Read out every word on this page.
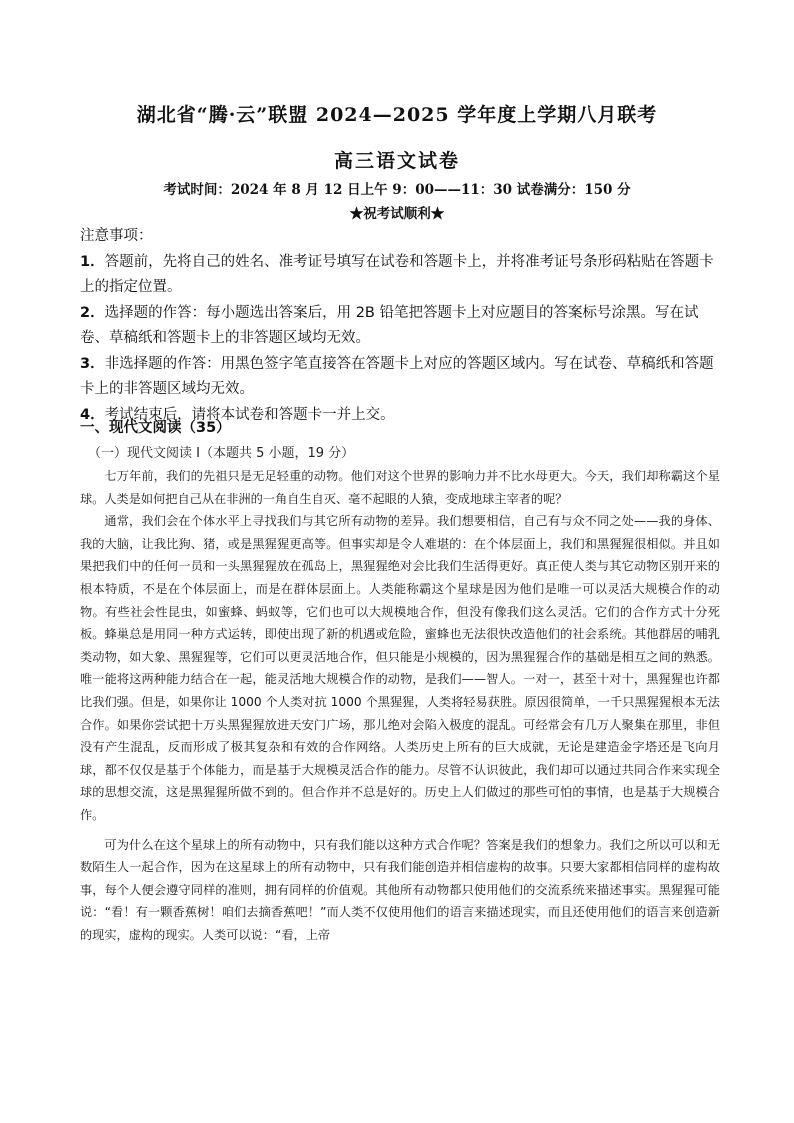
湖北省“腾·云”联盟 2024—2025 学年度上学期八月联考
高三语文试卷
考试时间：2024 年 8 月 12 日上午 9：00——11：30 试卷满分：150 分
★祝考试顺利★

注意事项：

1．答题前，先将自己的姓名、准考证号填写在试卷和答题卡上，并将准考证号条形码粘贴在答题卡上的指定位置。

2．选择题的作答：每小题选出答案后，用 2B 铅笔把答题卡上对应题目的答案标号涂黑。写在试卷、草稿纸和答题卡上的非答题区域均无效。

3．非选择题的作答：用黑色签字笔直接答在答题卡上对应的答题区域内。写在试卷、草稿纸和答题卡上的非答题区域均无效。

4．考试结束后，请将本试卷和答题卡一并上交。

一、现代文阅读（35）
（一）现代文阅读 I（本题共 5 小题，19 分）

七万年前，我们的先祖只是无足轻重的动物。他们对这个世界的影响力并不比水母更大。今天，我们却称霸这个星球。人类是如何把自己从在非洲的一角自生自灭、毫不起眼的人猿，变成地球主宰者的呢？

通常，我们会在个体水平上寻找我们与其它所有动物的差异。我们想要相信，自己有与众不同之处——我的身体、我的大脑，让我比狗、猪，或是黑猩猩更高等。但事实却是令人难堪的：在个体层面上，我们和黑猩猩很相似。并且如果把我们中的任何一员和一头黑猩猩放在孤岛上，黑猩猩绝对会比我们生活得更好。真正使人类与其它动物区别开来的根本特质，不是在个体层面上，而是在群体层面上。人类能称霸这个星球是因为他们是唯一可以灵活大规模合作的动物。有些社会性昆虫，如蜜蜂、蚂蚁等，它们也可以大规模地合作，但没有像我们这么灵活。它们的合作方式十分死板。蜂巢总是用同一种方式运转，即使出现了新的机遇或危险，蜜蜂也无法很快改造他们的社会系统。其他群居的哺乳类动物，如大象、黑猩猩等，它们可以更灵活地合作，但只能是小规模的，因为黑猩猩合作的基础是相互之间的熟悉。唯一能将这两种能力结合在一起，能灵活地大规模合作的动物，是我们——智人。一对一，甚至十对十，黑猩猩也许都比我们强。但是，如果你让 1000 个人类对抗 1000 个黑猩猩，人类将轻易获胜。原因很简单，一千只黑猩猩根本无法合作。如果你尝试把十万头黑猩猩放进天安门广场，那儿绝对会陷入极度的混乱。可经常会有几万人聚集在那里，非但没有产生混乱，反而形成了极其复杂和有效的合作网络。人类历史上所有的巨大成就，无论是建造金字塔还是飞向月球，都不仅仅是基于个体能力，而是基于大规模灵活合作的能力。尽管不认识彼此，我们却可以通过共同合作来实现全球的思想交流，这是黑猩猩所做不到的。但合作并不总是好的。历史上人们做过的那些可怕的事情，也是基于大规模合作。

可为什么在这个星球上的所有动物中，只有我们能以这种方式合作呢？答案是我们的想象力。我们之所以可以和无数陌生人一起合作，因为在这星球上的所有动物中，只有我们能创造并相信虚构的故事。只要大家都相信同样的虚构故事，每个人便会遵守同样的准则，拥有同样的价值观。其他所有动物都只使用他们的交流系统来描述事实。黑猩猩可能说：“看！有一颗香蕉树！咱们去摘香蕉吧！”而人类不仅使用他们的语言来描述现实，而且还使用他们的语言来创造新的现实，虚构的现实。人类可以说：“看，上帝
